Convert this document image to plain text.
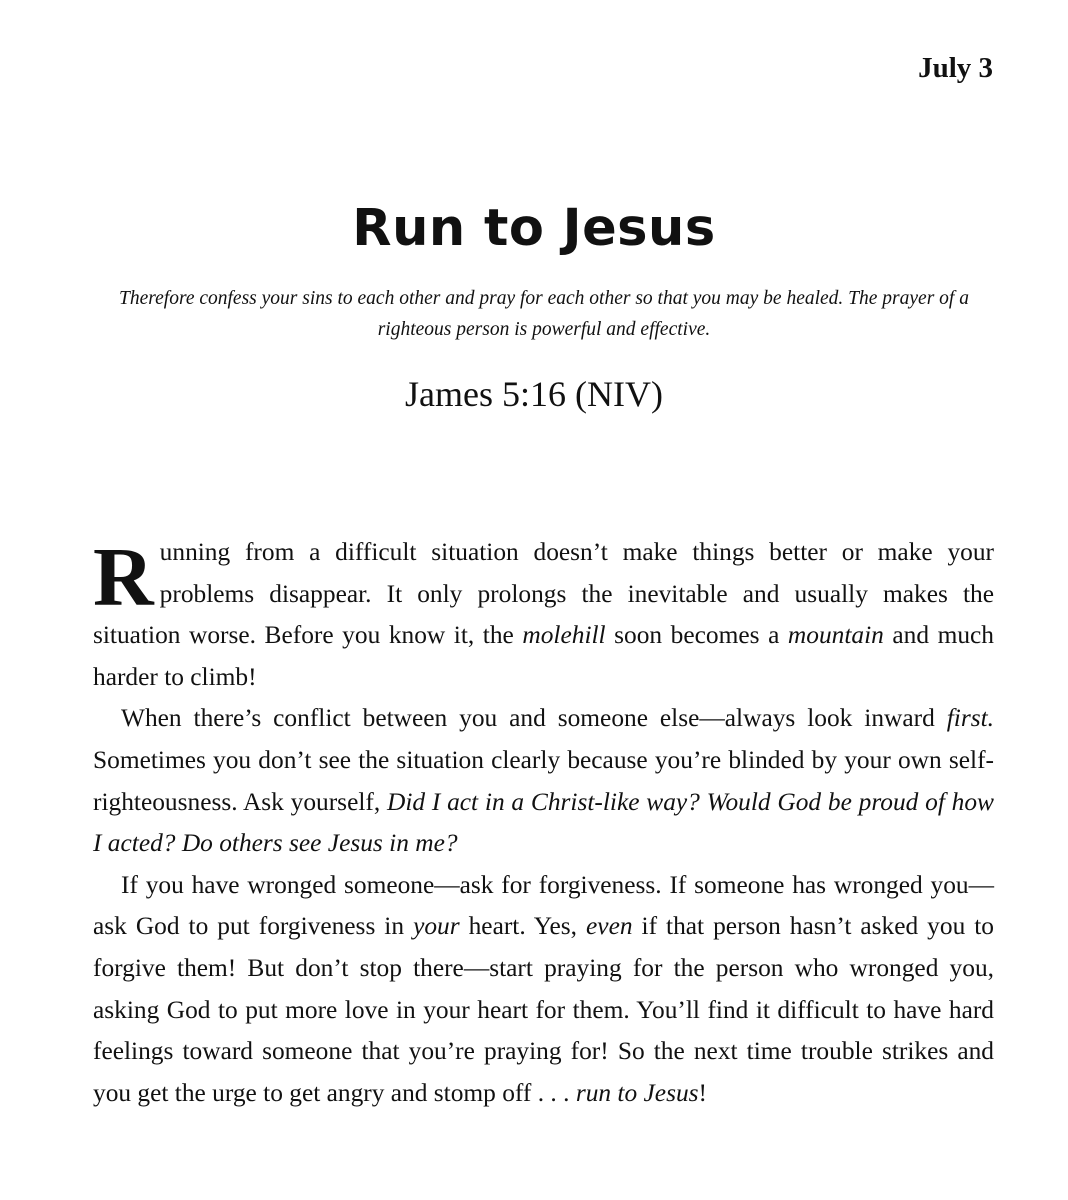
July 3
Run to Jesus
Therefore confess your sins to each other and pray for each other so that you may be healed. The prayer of a righteous person is powerful and effective.
James 5:16 (NIV)

Running from a difficult situation doesn’t make things better or make your problems disappear. It only prolongs the inevitable and usually makes the situation worse. Before you know it, the molehill soon becomes a mountain and much harder to climb!

When there’s conflict between you and someone else—always look inward first. Sometimes you don’t see the situation clearly because you’re blinded by your own self-righteousness. Ask yourself, Did I act in a Christ-like way? Would God be proud of how I acted? Do others see Jesus in me?

If you have wronged someone—ask for forgiveness. If someone has wronged you—ask God to put forgiveness in your heart. Yes, even if that person hasn’t asked you to forgive them! But don’t stop there—start praying for the person who wronged you, asking God to put more love in your heart for them. You’ll find it difficult to have hard feelings toward someone that you’re praying for! So the next time trouble strikes and you get the urge to get angry and stomp off . . . run to Jesus!
